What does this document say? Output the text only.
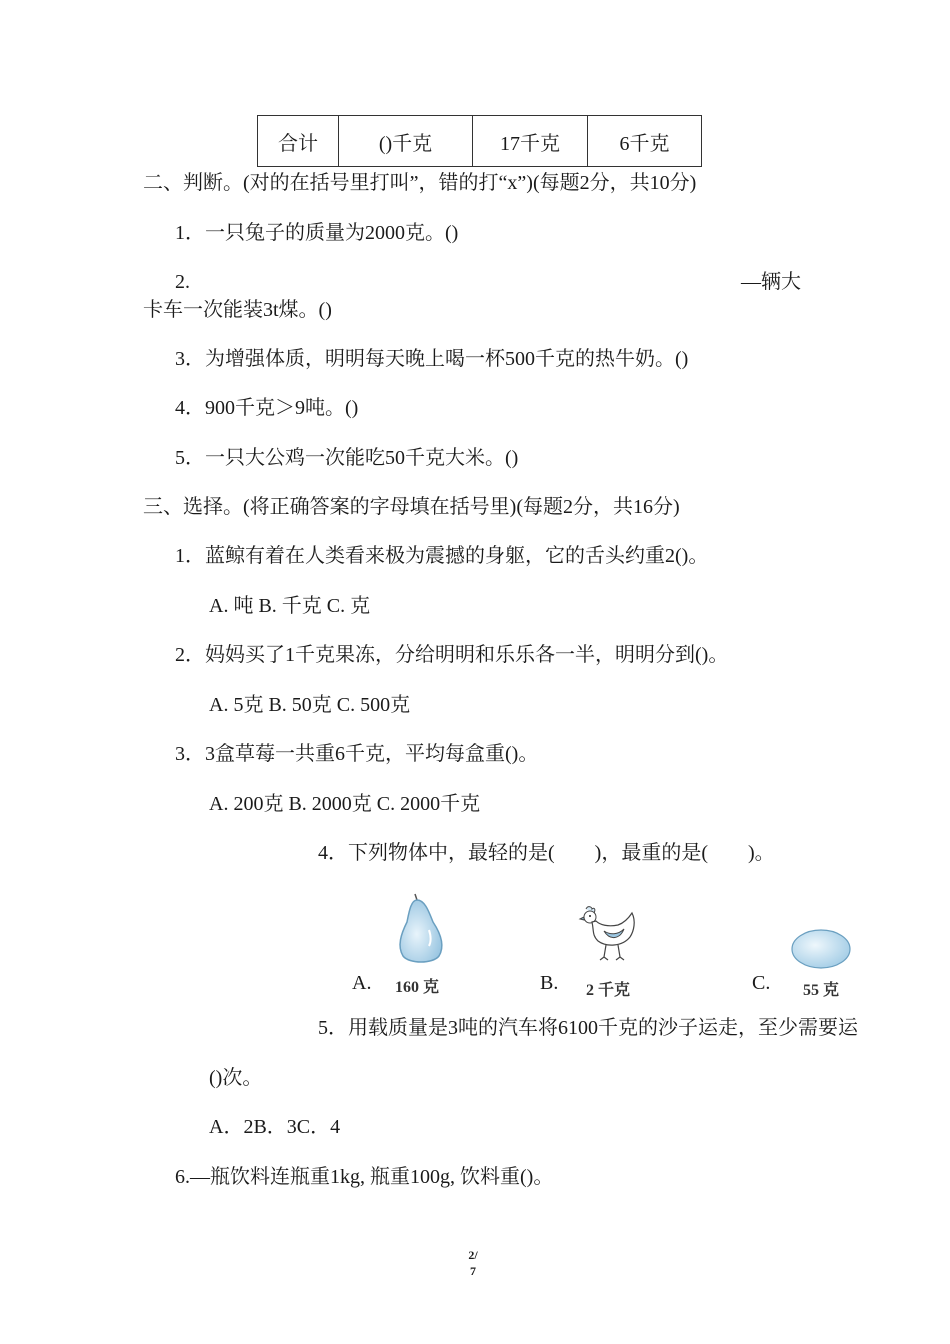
合计	()千克	17千克	6千克
二、判断。(对的在括号里打叫”，错的打“x”)(每题2分，共10分)
1．一只兔子的质量为2000克。()
2.	—辆大
卡车一次能装3t煤。()
3．为增强体质，明明每天晚上喝一杯500千克的热牛奶。()
4．900千克＞9吨。()
5．一只大公鸡一次能吃50千克大米。()
三、选择。(将正确答案的字母填在括号里)(每题2分，共16分)
1．蓝鲸有着在人类看来极为震撼的身躯，它的舌头约重2()。
A. 吨 B. 千克 C. 克
2．妈妈买了1千克果冻，分给明明和乐乐各一半，明明分到()。
A. 5克 B. 50克 C. 500克
3．3盒草莓一共重6千克，平均每盒重()。
A. 200克 B. 2000克 C. 2000千克
4．下列物体中，最轻的是(　　)，最重的是(　　)。
A. 160 克	B. 2 千克	C. 55 克
5．用载质量是3吨的汽车将6100千克的沙子运走，至少需要运
()次。
A．2B．3C．4
6.—瓶饮料连瓶重1kg, 瓶重100g, 饮料重()。
2/
7
